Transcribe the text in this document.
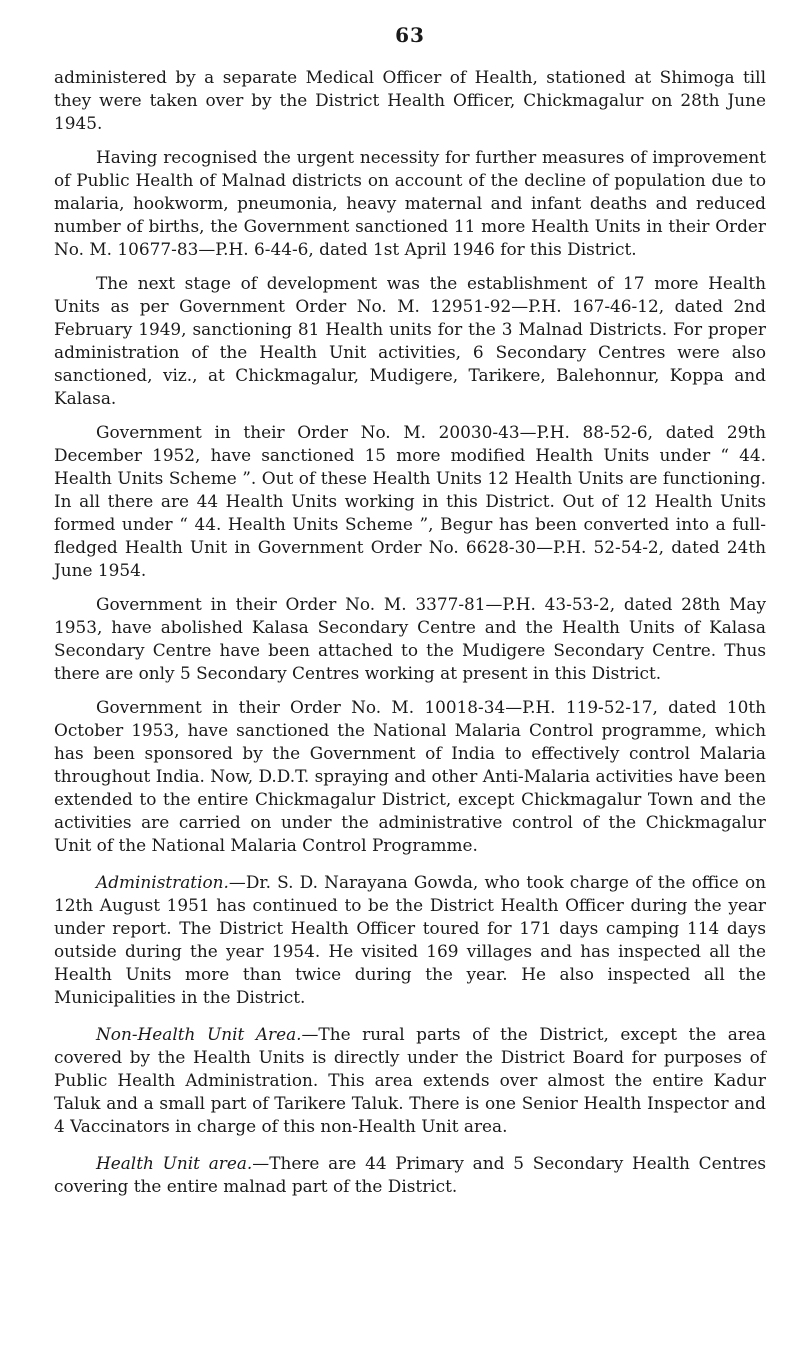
63

administered by a separate Medical Officer of Health, stationed at Shimoga till they were taken over by the District Health Officer, Chickmagalur on 28th June 1945.

Having recognised the urgent necessity for further measures of improvement of Public Health of Malnad districts on account of the decline of population due to malaria, hookworm, pneumonia, heavy maternal and infant deaths and reduced number of births, the Government sanctioned 11 more Health Units in their Order No. M. 10677-83—P.H. 6-44-6, dated 1st April 1946 for this District.

The next stage of development was the establishment of 17 more Health Units as per Government Order No. M. 12951-92—P.H. 167-46-12, dated 2nd February 1949, sanctioning 81 Health units for the 3 Malnad Districts. For proper administration of the Health Unit activities, 6 Secondary Centres were also sanctioned, viz., at Chickmagalur, Mudigere, Tarikere, Balehonnur, Koppa and Kalasa.

Government in their Order No. M. 20030-43—P.H. 88-52-6, dated 29th December 1952, have sanctioned 15 more modified Health Units under “ 44. Health Units Scheme ”. Out of these Health Units 12 Health Units are functioning. In all there are 44 Health Units working in this District. Out of 12 Health Units formed under “ 44. Health Units Scheme ”, Begur has been converted into a full-fledged Health Unit in Government Order No. 6628-30—P.H. 52-54-2, dated 24th June 1954.

Government in their Order No. M. 3377-81—P.H. 43-53-2, dated 28th May 1953, have abolished Kalasa Secondary Centre and the Health Units of Kalasa Secondary Centre have been attached to the Mudigere Secondary Centre. Thus there are only 5 Secondary Centres working at present in this District.

Government in their Order No. M. 10018-34—P.H. 119-52-17, dated 10th October 1953, have sanctioned the National Malaria Control programme, which has been sponsored by the Government of India to effectively control Malaria throughout India. Now, D.D.T. spraying and other Anti-Malaria activities have been extended to the entire Chickmagalur District, except Chickmagalur Town and the activities are carried on under the administrative control of the Chickmagalur Unit of the National Malaria Control Programme.

Administration.—Dr. S. D. Narayana Gowda, who took charge of the office on 12th August 1951 has continued to be the District Health Officer during the year under report. The District Health Officer toured for 171 days camping 114 days outside during the year 1954. He visited 169 villages and has inspected all the Health Units more than twice during the year. He also inspected all the Municipalities in the District.

Non-Health Unit Area.—The rural parts of the District, except the area covered by the Health Units is directly under the District Board for purposes of Public Health Administration. This area extends over almost the entire Kadur Taluk and a small part of Tarikere Taluk. There is one Senior Health Inspector and 4 Vaccinators in charge of this non-Health Unit area.

Health Unit area.—There are 44 Primary and 5 Secondary Health Centres covering the entire malnad part of the District.
